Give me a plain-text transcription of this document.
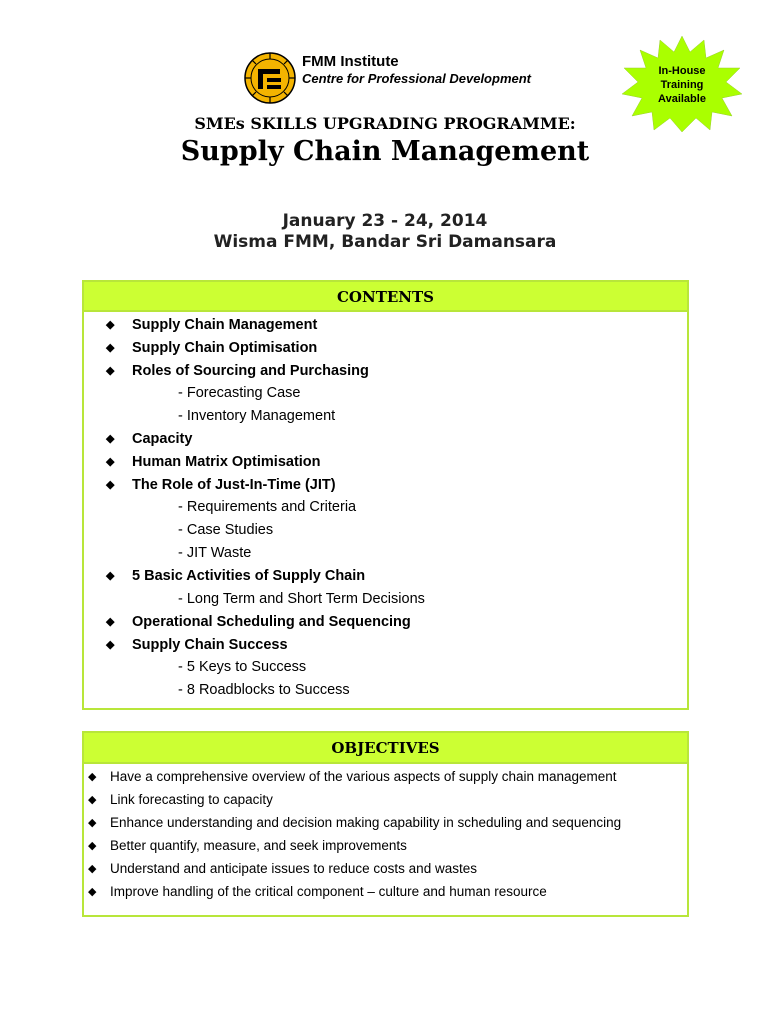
FMM Institute
Centre for Professional Development	In-House
Training
Available
SMEs SKILLS UPGRADING PROGRAMME:
Supply Chain Management
January 23 - 24, 2014
Wisma FMM, Bandar Sri Damansara
CONTENTS
◆ Supply Chain Management
◆ Supply Chain Optimisation
◆ Roles of Sourcing and Purchasing
- Forecasting Case
- Inventory Management
◆ Capacity
◆ Human Matrix Optimisation
◆ The Role of Just-In-Time (JIT)
- Requirements and Criteria
- Case Studies
- JIT Waste
◆ 5 Basic Activities of Supply Chain
- Long Term and Short Term Decisions
◆ Operational Scheduling and Sequencing
◆ Supply Chain Success
- 5 Keys to Success
- 8 Roadblocks to Success
OBJECTIVES
◆ Have a comprehensive overview of the various aspects of supply chain management
◆ Link forecasting to capacity
◆ Enhance understanding and decision making capability in scheduling and sequencing
◆ Better quantify, measure, and seek improvements
◆ Understand and anticipate issues to reduce costs and wastes
◆ Improve handling of the critical component – culture and human resource
